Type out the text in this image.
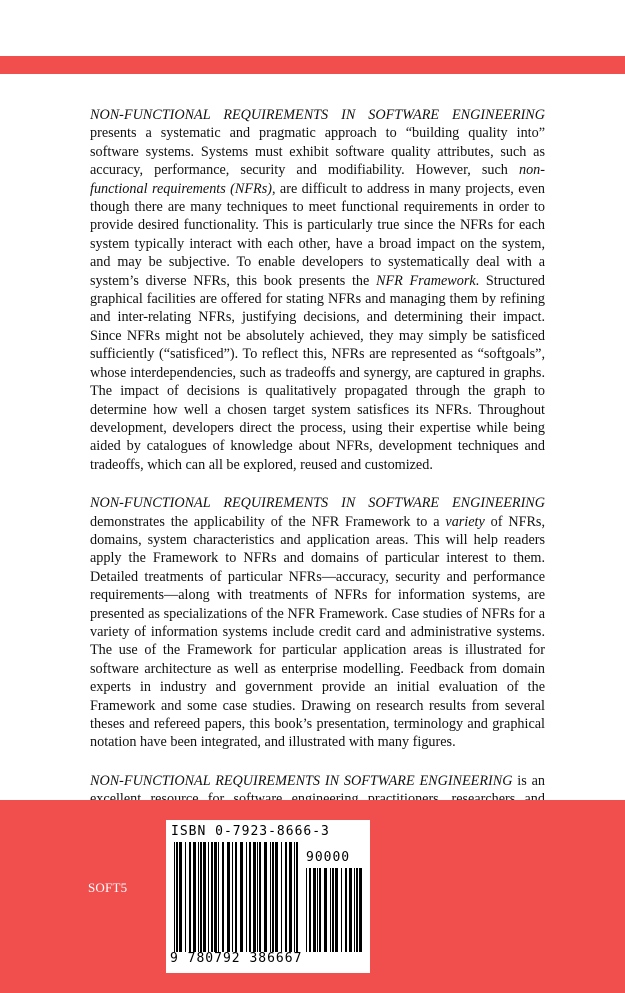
NON-FUNCTIONAL REQUIREMENTS IN SOFTWARE ENGINEERING presents a systematic and pragmatic approach to “building quality into” software systems. Systems must exhibit software quality attributes, such as accuracy, performance, security and modifiability. However, such non-functional requirements (NFRs), are difficult to address in many projects, even though there are many techniques to meet functional requirements in order to provide desired functionality. This is particularly true since the NFRs for each system typically interact with each other, have a broad impact on the system, and may be subjective. To enable developers to systematically deal with a system’s diverse NFRs, this book presents the NFR Framework. Structured graphical facilities are offered for stating NFRs and managing them by refining and inter-relating NFRs, justifying decisions, and determining their impact. Since NFRs might not be absolutely achieved, they may simply be satisficed sufficiently (“satisficed”). To reflect this, NFRs are represented as “softgoals”, whose interdependencies, such as tradeoffs and synergy, are captured in graphs. The impact of decisions is qualitatively propagated through the graph to determine how well a chosen target system satisfices its NFRs. Throughout development, developers direct the process, using their expertise while being aided by catalogues of knowledge about NFRs, development techniques and tradeoffs, which can all be explored, reused and customized.

NON-FUNCTIONAL REQUIREMENTS IN SOFTWARE ENGINEERING demonstrates the applicability of the NFR Framework to a variety of NFRs, domains, system characteristics and application areas. This will help readers apply the Framework to NFRs and domains of particular interest to them. Detailed treatments of particular NFRs—accuracy, security and performance requirements—along with treatments of NFRs for information systems, are presented as specializations of the NFR Framework. Case studies of NFRs for a variety of information systems include credit card and administrative systems. The use of the Framework for particular application areas is illustrated for software architecture as well as enterprise modelling. Feedback from domain experts in industry and government provide an initial evaluation of the Framework and some case studies. Drawing on research results from several theses and refereed papers, this book’s presentation, terminology and graphical notation have been integrated, and illustrated with many figures.

NON-FUNCTIONAL REQUIREMENTS IN SOFTWARE ENGINEERING is an

SOFT5
ISBN 0-7923-8666-3
90000
9 780792 386667
